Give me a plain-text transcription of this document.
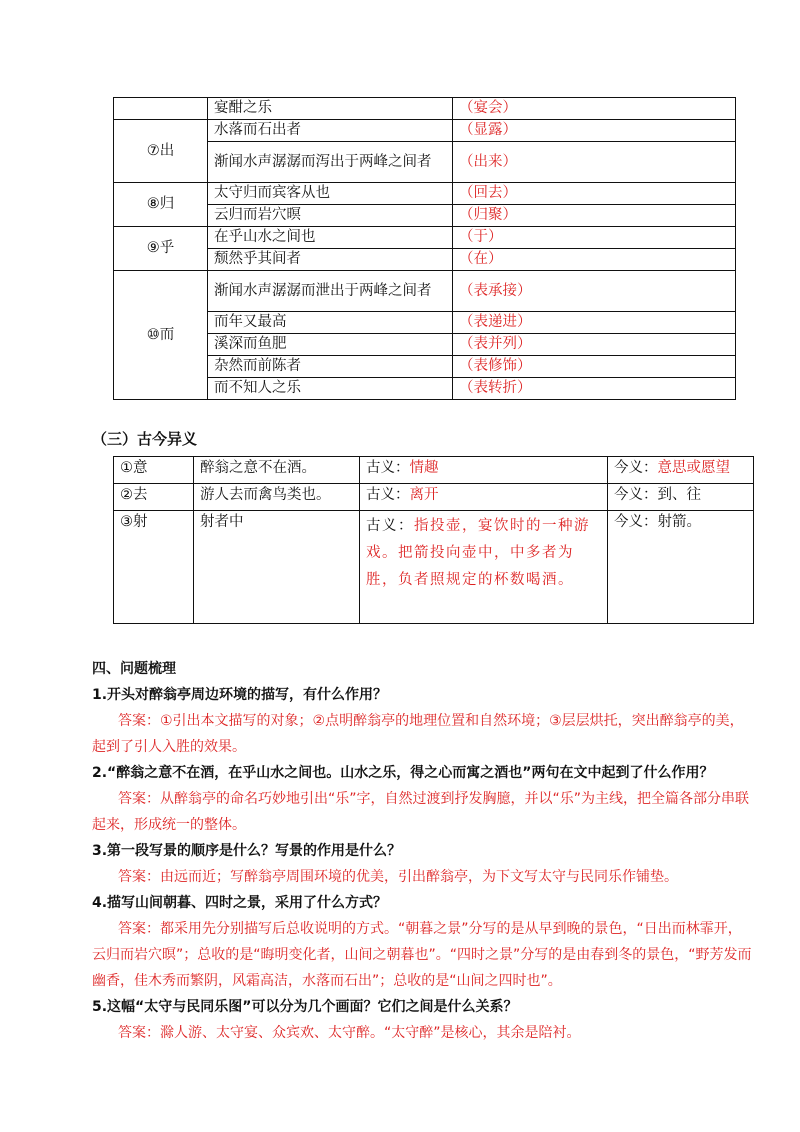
	宴酣之乐	（宴会）
⑦出	水落而石出者	（显露）
	渐闻水声潺潺而泻出于两峰之间者	（出来）
⑧归	太守归而宾客从也	（回去）
	云归而岩穴暝	（归聚）
⑨乎	在乎山水之间也	（于）
	颓然乎其间者	（在）
⑩而	渐闻水声潺潺而泄出于两峰之间者	（表承接）
	而年又最高	（表递进）
	溪深而鱼肥	（表并列）
	杂然而前陈者	（表修饰）
	而不知人之乐	（表转折）
（三）古今异义
①意	醉翁之意不在酒。	古义：情趣	今义：意思或愿望
②去	游人去而禽鸟类也。	古义：离开	今义：到、往
③射	射者中	古义：指投壶，宴饮时的一种游戏。把箭投向壶中，中多者为胜，负者照规定的杯数喝酒。	今义：射箭。

四、问题梳理

1.开头对醉翁亭周边环境的描写，有什么作用？

答案：①引出本文描写的对象；②点明醉翁亭的地理位置和自然环境；③层层烘托，突出醉翁亭的美，起到了引人入胜的效果。

2.“醉翁之意不在酒，在乎山水之间也。山水之乐，得之心而寓之酒也”两句在文中起到了什么作用？

答案：从醉翁亭的命名巧妙地引出“乐”字，自然过渡到抒发胸臆，并以“乐”为主线，把全篇各部分串联起来，形成统一的整体。

3.第一段写景的顺序是什么？写景的作用是什么？

答案：由远而近；写醉翁亭周围环境的优美，引出醉翁亭，为下文写太守与民同乐作铺垫。

4.描写山间朝暮、四时之景，采用了什么方式？

答案：都采用先分别描写后总收说明的方式。“朝暮之景”分写的是从早到晚的景色，“日出而林霏开，云归而岩穴暝”；总收的是“晦明变化者，山间之朝暮也”。“四时之景”分写的是由春到冬的景色，“野芳发而幽香，佳木秀而繁阴，风霜高洁，水落而石出”；总收的是“山间之四时也”。

5.这幅“太守与民同乐图”可以分为几个画面？它们之间是什么关系？

答案：滁人游、太守宴、众宾欢、太守醉。“太守醉”是核心，其余是陪衬。
